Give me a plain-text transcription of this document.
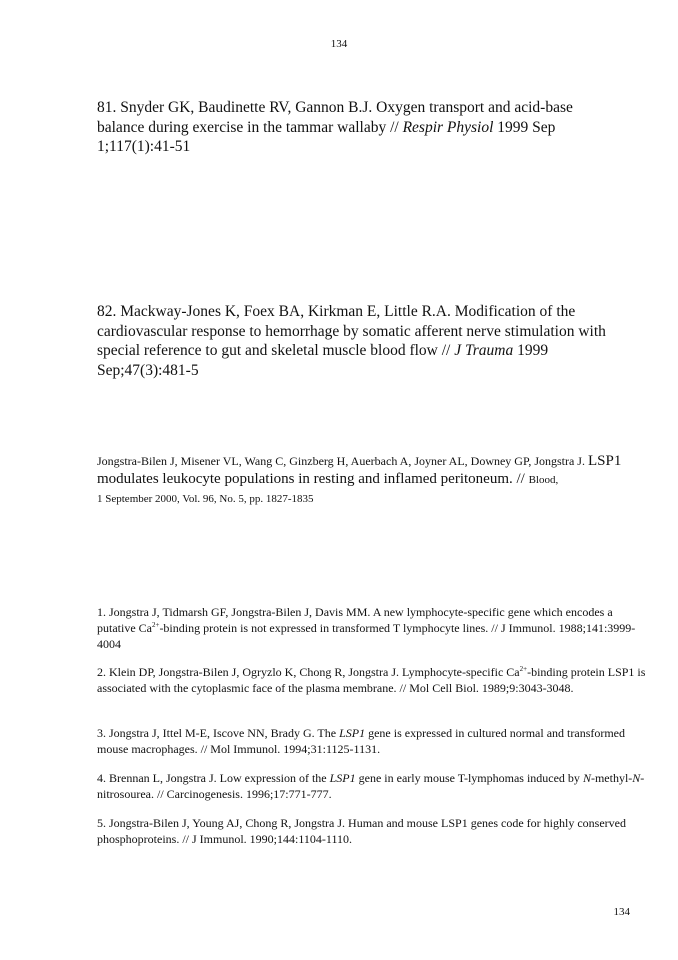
134
81. Snyder GK, Baudinette RV, Gannon B.J. Oxygen transport and acid-base balance during exercise in the tammar wallaby // Respir Physiol 1999 Sep 1;117(1):41-51
82. Mackway-Jones K, Foex BA, Kirkman E, Little R.A. Modification of the cardiovascular response to hemorrhage by somatic afferent nerve stimulation with special reference to gut and skeletal muscle blood flow // J Trauma 1999 Sep;47(3):481-5
Jongstra-Bilen J, Misener VL, Wang C, Ginzberg H, Auerbach A, Joyner AL, Downey GP, Jongstra J. LSP1 modulates leukocyte populations in resting and inflamed peritoneum. // Blood,
1 September 2000, Vol. 96, No. 5, pp. 1827-1835
1. Jongstra J, Tidmarsh GF, Jongstra-Bilen J, Davis MM. A new lymphocyte-specific gene which encodes a putative $Ca^{2+}$-binding protein is not expressed in transformed T lymphocyte lines. // J Immunol. 1988;141:3999-4004
2. Klein DP, Jongstra-Bilen J, Ogryzlo K, Chong R, Jongstra J. Lymphocyte-specific $Ca^{2+}$-binding protein LSP1 is associated with the cytoplasmic face of the plasma membrane. // Mol Cell Biol. 1989;9:3043-3048.
3. Jongstra J, Ittel M-E, Iscove NN, Brady G. The LSP1 gene is expressed in cultured normal and transformed mouse macrophages. // Mol Immunol. 1994;31:1125-1131.
4. Brennan L, Jongstra J. Low expression of the LSP1 gene in early mouse T-lymphomas induced by N-methyl-N-nitrosourea. // Carcinogenesis. 1996;17:771-777.
5. Jongstra-Bilen J, Young AJ, Chong R, Jongstra J. Human and mouse LSP1 genes code for highly conserved phosphoproteins. // J Immunol. 1990;144:1104-1110.
134
